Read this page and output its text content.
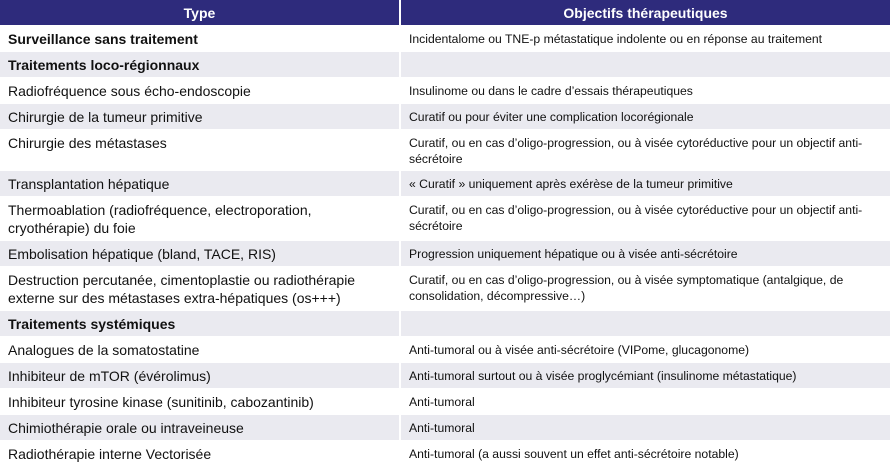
Type	Objectifs thérapeutiques
Surveillance sans traitement	Incidentalome ou TNE-p métastatique indolente ou en réponse au traitement
Traitements loco-régionnaux	
Radiofréquence sous écho-endoscopie	Insulinome ou dans le cadre d’essais thérapeutiques
Chirurgie de la tumeur primitive	Curatif ou pour éviter une complication locorégionale
Chirurgie des métastases	Curatif, ou en cas d’oligo-progression, ou à visée cytoréductive pour un objectif anti-sécrétoire
Transplantation hépatique	« Curatif » uniquement après exérèse de la tumeur primitive
Thermoablation (radiofréquence, electroporation, cryothérapie) du foie	Curatif, ou en cas d’oligo-progression, ou à visée cytoréductive pour un objectif anti-sécrétoire
Embolisation hépatique (bland, TACE, RIS)	Progression uniquement hépatique ou à visée anti-sécrétoire
Destruction percutanée, cimentoplastie ou radiothérapie externe sur des métastases extra-hépatiques (os+++)	Curatif, ou en cas d’oligo-progression, ou à visée symptomatique (antalgique, de consolidation, décompressive…)
Traitements systémiques	
Analogues de la somatostatine	Anti-tumoral ou à visée anti-sécrétoire (VIPome, glucagonome)
Inhibiteur de mTOR (évérolimus)	Anti-tumoral surtout ou à visée proglycémiant (insulinome métastatique)
Inhibiteur tyrosine kinase (sunitinib, cabozantinib)	Anti-tumoral
Chimiothérapie orale ou intraveineuse	Anti-tumoral
Radiothérapie interne Vectorisée	Anti-tumoral (a aussi souvent un effet anti-sécrétoire notable)
